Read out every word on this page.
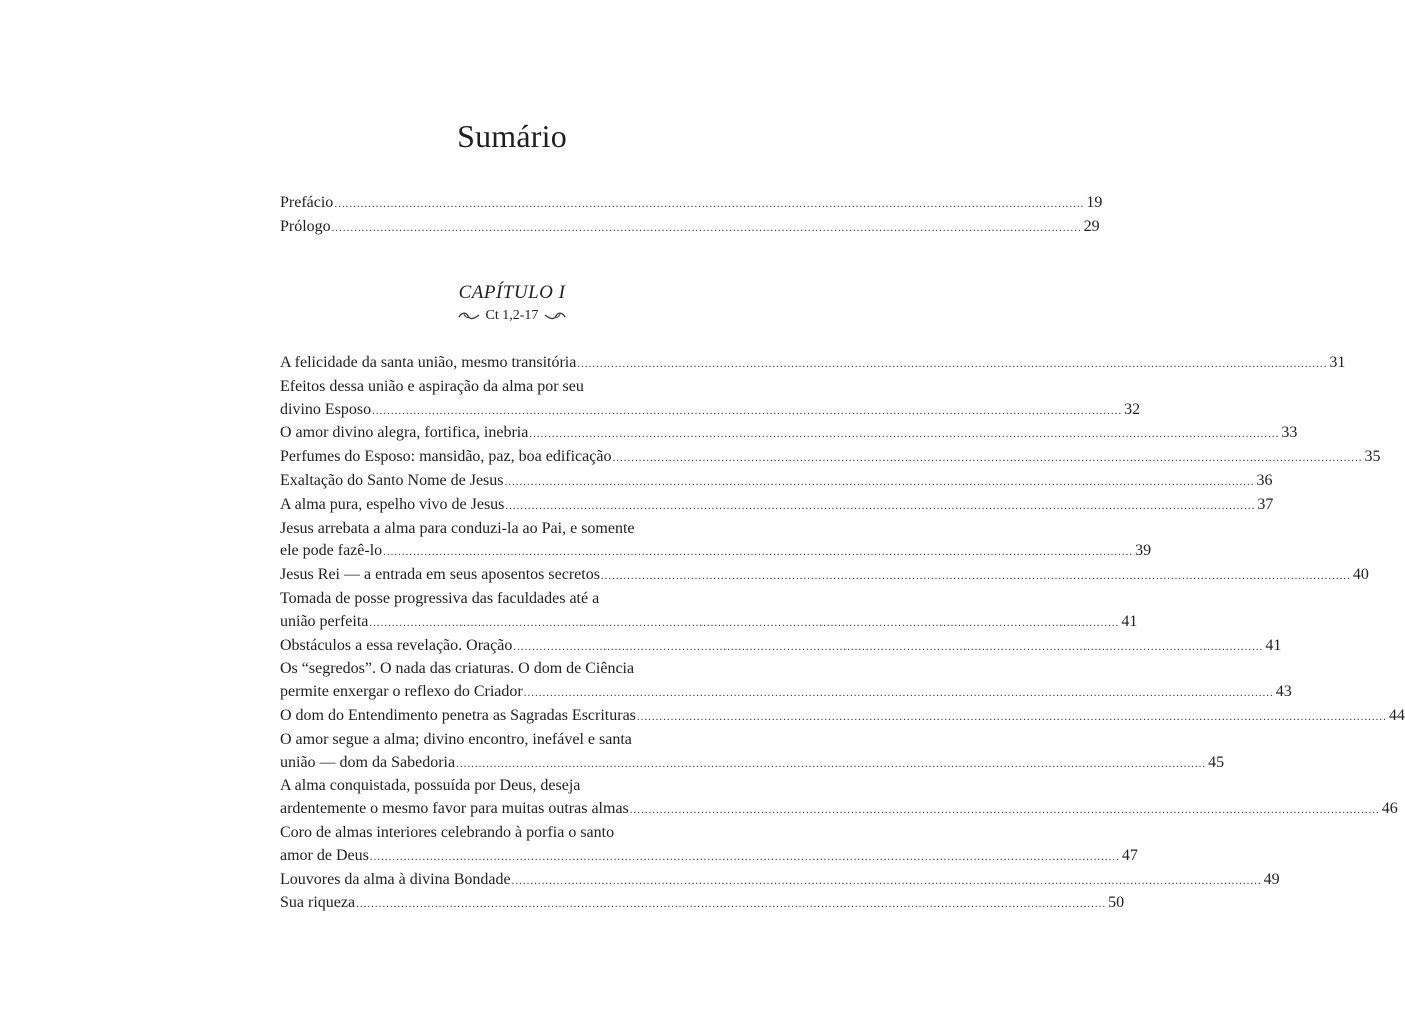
Sumário
Prefácio ........................................................................................................................................................................................................ 19
Prólogo ........................................................................................................................................................................................................ 29
CAPÍTULO I
Ct 1,2-17
A felicidade da santa união, mesmo transitória ........................................................................................................................................................................................................ 31
Efeitos dessa união e aspiração da alma por seu
divino Esposo ........................................................................................................................................................................................................ 32
O amor divino alegra, fortifica, inebria ........................................................................................................................................................................................................ 33
Perfumes do Esposo: mansidão, paz, boa edificação ........................................................................................................................................................................................................ 35
Exaltação do Santo Nome de Jesus ........................................................................................................................................................................................................ 36
A alma pura, espelho vivo de Jesus ........................................................................................................................................................................................................ 37
Jesus arrebata a alma para conduzi-la ao Pai, e somente
ele pode fazê-lo ........................................................................................................................................................................................................ 39
Jesus Rei — a entrada em seus aposentos secretos ........................................................................................................................................................................................................ 40
Tomada de posse progressiva das faculdades até a
união perfeita ........................................................................................................................................................................................................ 41
Obstáculos a essa revelação. Oração ........................................................................................................................................................................................................ 41
Os “segredos”. O nada das criaturas. O dom de Ciência
permite enxergar o reflexo do Criador ........................................................................................................................................................................................................ 43
O dom do Entendimento penetra as Sagradas Escrituras ........................................................................................................................................................................................................ 44
O amor segue a alma; divino encontro, inefável e santa
união — dom da Sabedoria ........................................................................................................................................................................................................ 45
A alma conquistada, possuída por Deus, deseja
ardentemente o mesmo favor para muitas outras almas ........................................................................................................................................................................................................ 46
Coro de almas interiores celebrando à porfia o santo
amor de Deus ........................................................................................................................................................................................................ 47
Louvores da alma à divina Bondade ........................................................................................................................................................................................................ 49
Sua riqueza ........................................................................................................................................................................................................ 50
